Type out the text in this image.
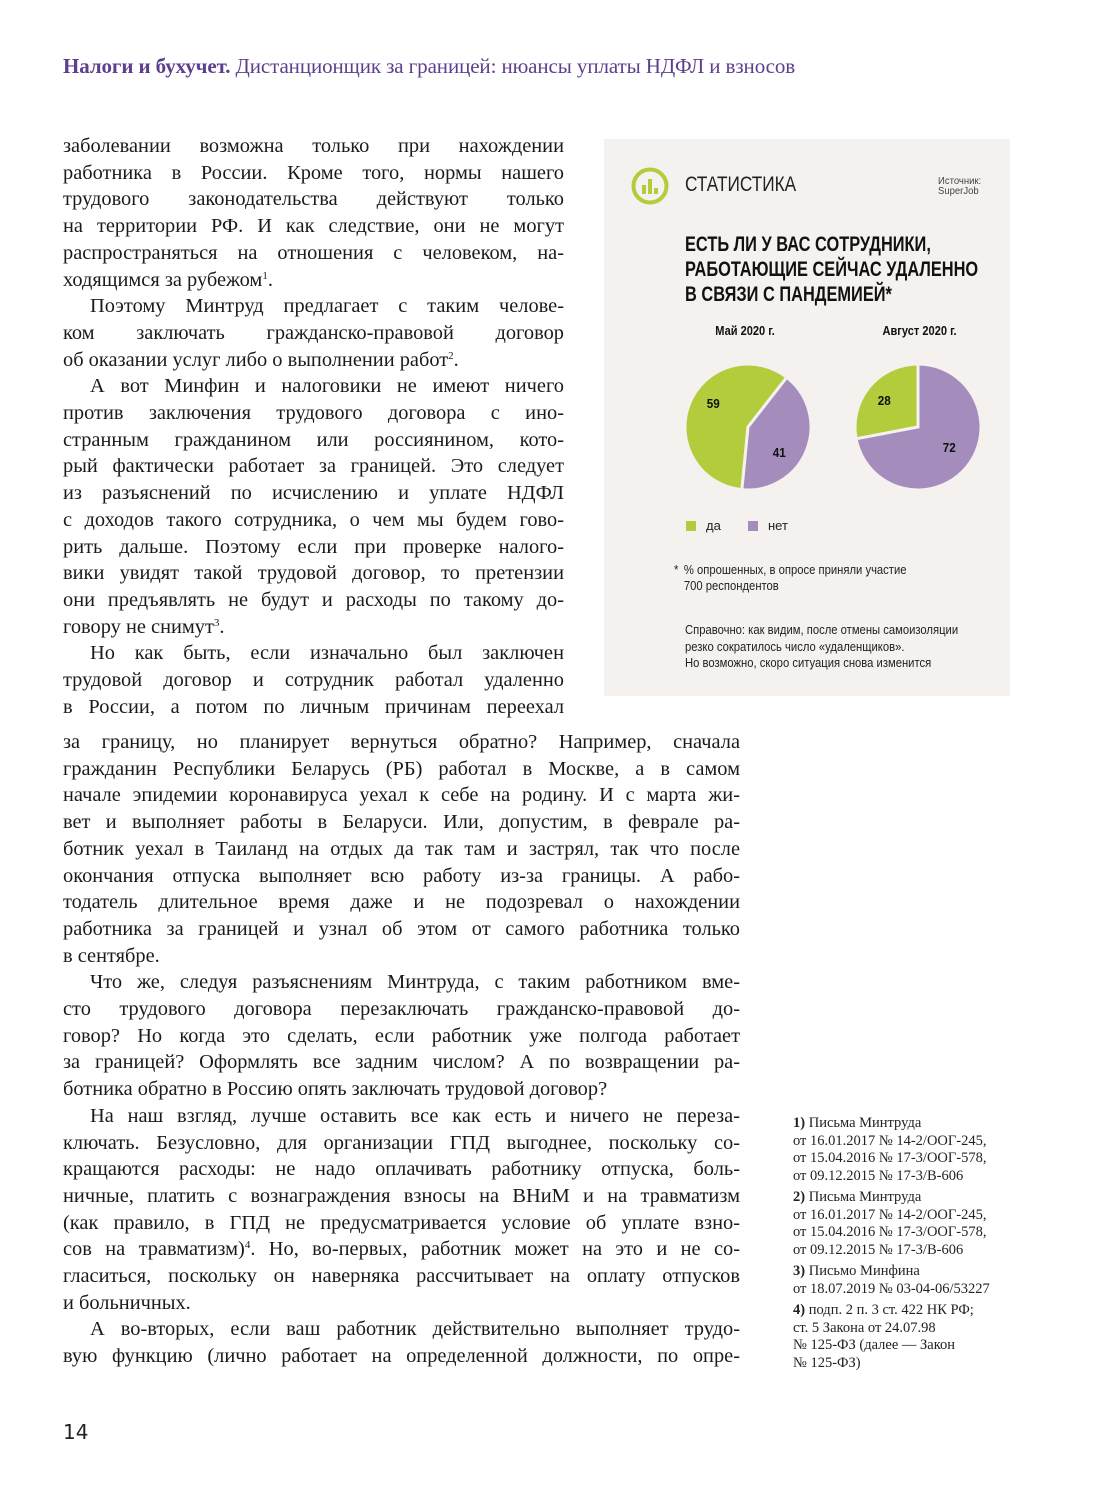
Налоги и бухучет. Дистанционщик за границей: нюансы уплаты НДФЛ и взносов
заболевании возможна только при нахождении
работника в России. Кроме того, нормы нашего
трудового законодательства действуют только
на территории РФ. И как следствие, они не могут
распространяться на отношения с человеком, на-
ходящимся за рубежом$^1$.
Поэтому Минтруд предлагает с таким челове-
ком заключать гражданско-правовой договор
об оказании услуг либо о выполнении работ$^2$.
А вот Минфин и налоговики не имеют ничего
против заключения трудового договора с ино-
странным гражданином или россиянином, кото-
рый фактически работает за границей. Это следует
из разъяснений по исчислению и уплате НДФЛ
с доходов такого сотрудника, о чем мы будем гово-
рить дальше. Поэтому если при проверке налого-
вики увидят такой трудовой договор, то претензии
они предъявлять не будут и расходы по такому до-
говору не снимут$^3$.
Но как быть, если изначально был заключен
трудовой договор и сотрудник работал удаленно
в России, а потом по личным причинам переехал
за границу, но планирует вернуться обратно? Например, сначала
гражданин Республики Беларусь (РБ) работал в Москве, а в самом
начале эпидемии коронавируса уехал к себе на родину. И с марта жи-
вет и выполняет работы в Беларуси. Или, допустим, в феврале ра-
ботник уехал в Таиланд на отдых да так там и застрял, так что после
окончания отпуска выполняет всю работу из-за границы. А рабо-
тодатель длительное время даже и не подозревал о нахождении
работника за границей и узнал об этом от самого работника только
в сентябре.
Что же, следуя разъяснениям Минтруда, с таким работником вме-
сто трудового договора перезаключать гражданско-правовой до-
говор? Но когда это сделать, если работник уже полгода работает
за границей? Оформлять все задним числом? А по возвращении ра-
ботника обратно в Россию опять заключать трудовой договор?
На наш взгляд, лучше оставить все как есть и ничего не переза-
ключать. Безусловно, для организации ГПД выгоднее, поскольку со-
кращаются расходы: не надо оплачивать работнику отпуска, боль-
ничные, платить с вознаграждения взносы на ВНиМ и на травматизм
(как правило, в ГПД не предусматривается условие об уплате взно-
сов на травматизм)$^4$. Но, во-первых, работник может на это и не со-
гласиться, поскольку он наверняка рассчитывает на оплату отпусков
и больничных.
А во-вторых, если ваш работник действительно выполняет трудо-
вую функцию (лично работает на определенной должности, по опре-
СТАТИСТИКА	Источник:
SuperJob
ЕСТЬ ЛИ У ВАС СОТРУДНИКИ,
РАБОТАЮЩИЕ СЕЙЧАС УДАЛЕННО
В СВЯЗИ С ПАНДЕМИЕЙ*
Май 2020 г.
59
41
Август 2020 г.
28
72
да	нет
* % опрошенных, в опросе приняли участие
700 респондентов
Справочно: как видим, после отмены самоизоляции
резко сократилось число «удаленщиков».
Но возможно, скоро ситуация снова изменится
1) Письма Минтруда
от 16.01.2017 № 14-2/ООГ-245,
от 15.04.2016 № 17-3/ООГ-578,
от 09.12.2015 № 17-3/В-606
2) Письма Минтруда
от 16.01.2017 № 14-2/ООГ-245,
от 15.04.2016 № 17-3/ООГ-578,
от 09.12.2015 № 17-3/В-606
3) Письмо Минфина
от 18.07.2019 № 03-04-06/53227
4) подп. 2 п. 3 ст. 422 НК РФ;
ст. 5 Закона от 24.07.98
№ 125-ФЗ (далее — Закон
№ 125-ФЗ)
14
